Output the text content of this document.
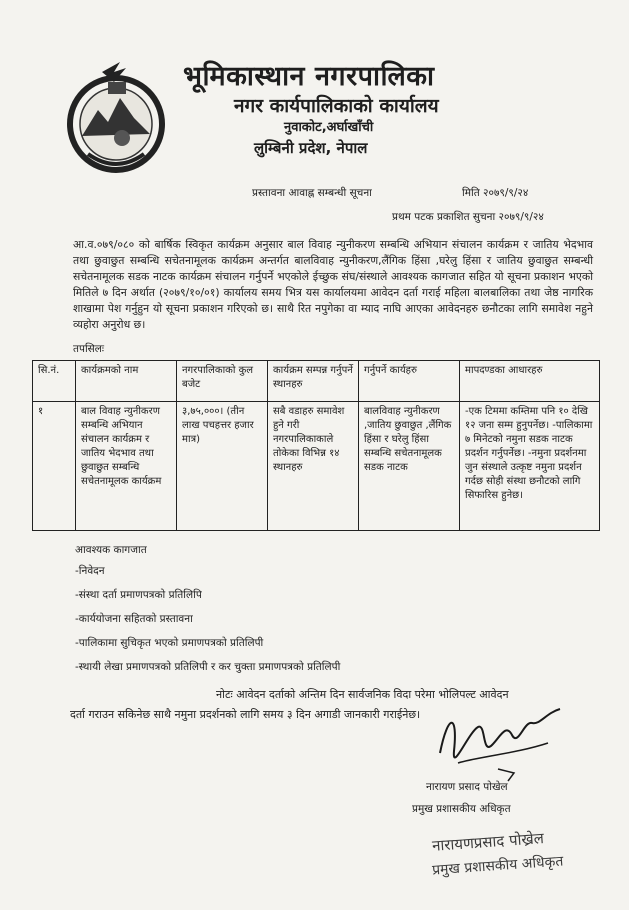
भूमिकास्थान नगरपालिका
नगर कार्यपालिकाको कार्यालय
नुवाकोट,अर्घाखाँची
लुम्बिनी प्रदेश, नेपाल
प्रस्तावना आवाह्न सम्बन्धी सूचना	मिति २०७९/९/२४
प्रथम पटक प्रकाशित सुचना २०७९/९/२४
आ.व.०७९/०८० को बार्षिक स्विकृत कार्यक्रम अनुसार बाल विवाह न्युनीकरण सम्बन्धि अभियान संचालन कार्यक्रम र जातिय भेदभाव तथा छुवाछुत सम्बन्धि सचेतनामूलक कार्यक्रम अन्तर्गत बालविवाह न्युनीकरण,लैंगिक हिंसा ,घरेलु हिंसा र जातिय छुवाछुत सम्बन्धी सचेतनामूलक सडक नाटक कार्यक्रम संचालन गर्नुपर्ने भएकोले ईच्छुक संघ/संस्थाले आवश्यक कागजात सहित यो सूचना प्रकाशन भएको मितिले ७ दिन अर्थात (२०७९/१०/०१) कार्यालय समय भित्र यस कार्यालयमा आवेदन दर्ता गराई महिला बालबालिका तथा जेष्ठ नागरिक शाखामा पेश गर्नुहुन यो सूचना प्रकाशन गरिएको छ। साथै रित नपुगेका वा म्याद नाघि आएका आवेदनहरु छनौटका लागि समावेश नहुने व्यहोरा अनुरोध छ।
तपसिलः
सि.नं.	कार्यक्रमको नाम	नगरपालिकाको कुल बजेट	कार्यक्रम सम्पन्न गर्नुपर्ने स्थानहरु	गर्नुपर्ने कार्यहरु	मापदण्डका आधारहरु
१	बाल विवाह न्युनीकरण सम्बन्धि अभियान संचालन कार्यक्रम र जातिय भेदभाव तथा छुवाछुत सम्बन्धि सचेतनामूलक कार्यक्रम	३,७५,०००। (तीन लाख पचहत्तर हजार मात्र)	सबै वडाहरु समावेश हुने गरी नगरपालिकाकाले तोकेका विभिन्न १४ स्थानहरु	बालविवाह न्युनीकरण ,जातिय छुवाछुत ,लैंगिक हिंसा र घरेलु हिंसा सम्बन्धि सचेतनामूलक सडक नाटक	-एक टिममा कम्तिमा पनि १० देखि १२ जना सम्म हुनुपर्नेछ। -पालिकामा ७ मिनेटको नमुना सडक नाटक प्रदर्शन गर्नुपर्नेछ। -नमुना प्रदर्शनमा जुन संस्थाले उत्कृष्ट नमुना प्रदर्शन गर्दछ सोही संस्था छनौटको लागि सिफारिस हुनेछ।
आवश्यक कागजात
-निवेदन
-संस्था दर्ता प्रमाणपत्रको प्रतिलिपि
-कार्ययोजना सहितको प्रस्तावना
-पालिकामा सुचिकृत भएको प्रमाणपत्रको प्रतिलिपी
-स्थायी लेखा प्रमाणपत्रको प्रतिलिपी र कर चुक्ता प्रमाणपत्रको प्रतिलिपी
नोटः आवेदन दर्ताको अन्तिम दिन सार्वजनिक विदा परेमा भोलिपल्ट आवेदन
दर्ता गराउन सकिनेछ साथै नमुना प्रदर्शनको लागि समय ३ दिन अगाडी जानकारी गराईनेछ।
नारायण प्रसाद पोखेल
प्रमुख प्रशासकीय अधिकृत
नारायणप्रसाद पोख्रेल
प्रमुख प्रशासकीय अधिकृत
